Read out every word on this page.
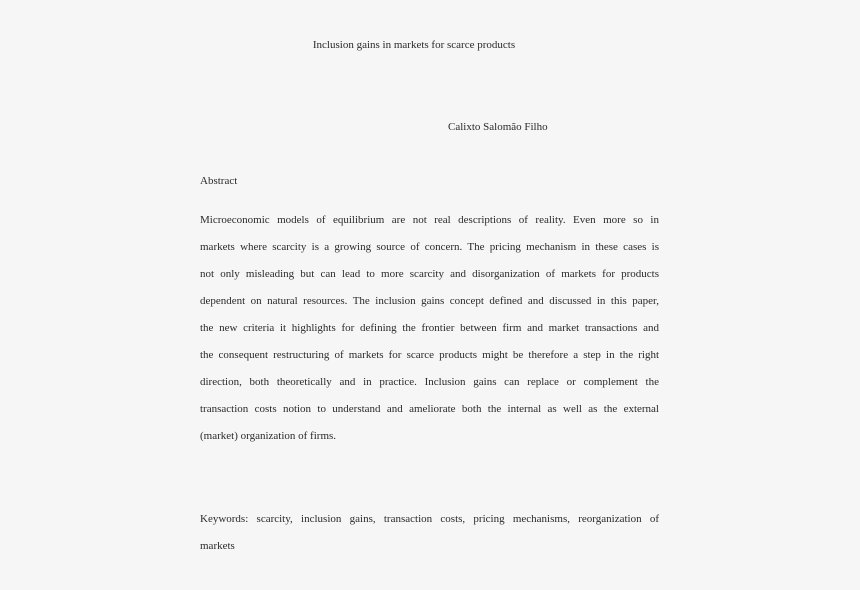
Inclusion gains in markets for scarce products
Calixto Salomão Filho
Abstract
Microeconomic models of equilibrium are not real descriptions of reality. Even more so in
markets where scarcity is a growing source of concern. The pricing mechanism in these cases is
not only misleading but can lead to more scarcity and disorganization of markets for products
dependent on natural resources. The inclusion gains concept defined and discussed in this paper,
the new criteria it highlights for defining the frontier between firm and market transactions and
the consequent restructuring of markets for scarce products might be therefore a step in the right
direction, both theoretically and in practice. Inclusion gains can replace or complement the
transaction costs notion to understand and ameliorate both the internal as well as the external
(market) organization of firms.
Keywords: scarcity, inclusion gains, transaction costs, pricing mechanisms, reorganization of
markets
